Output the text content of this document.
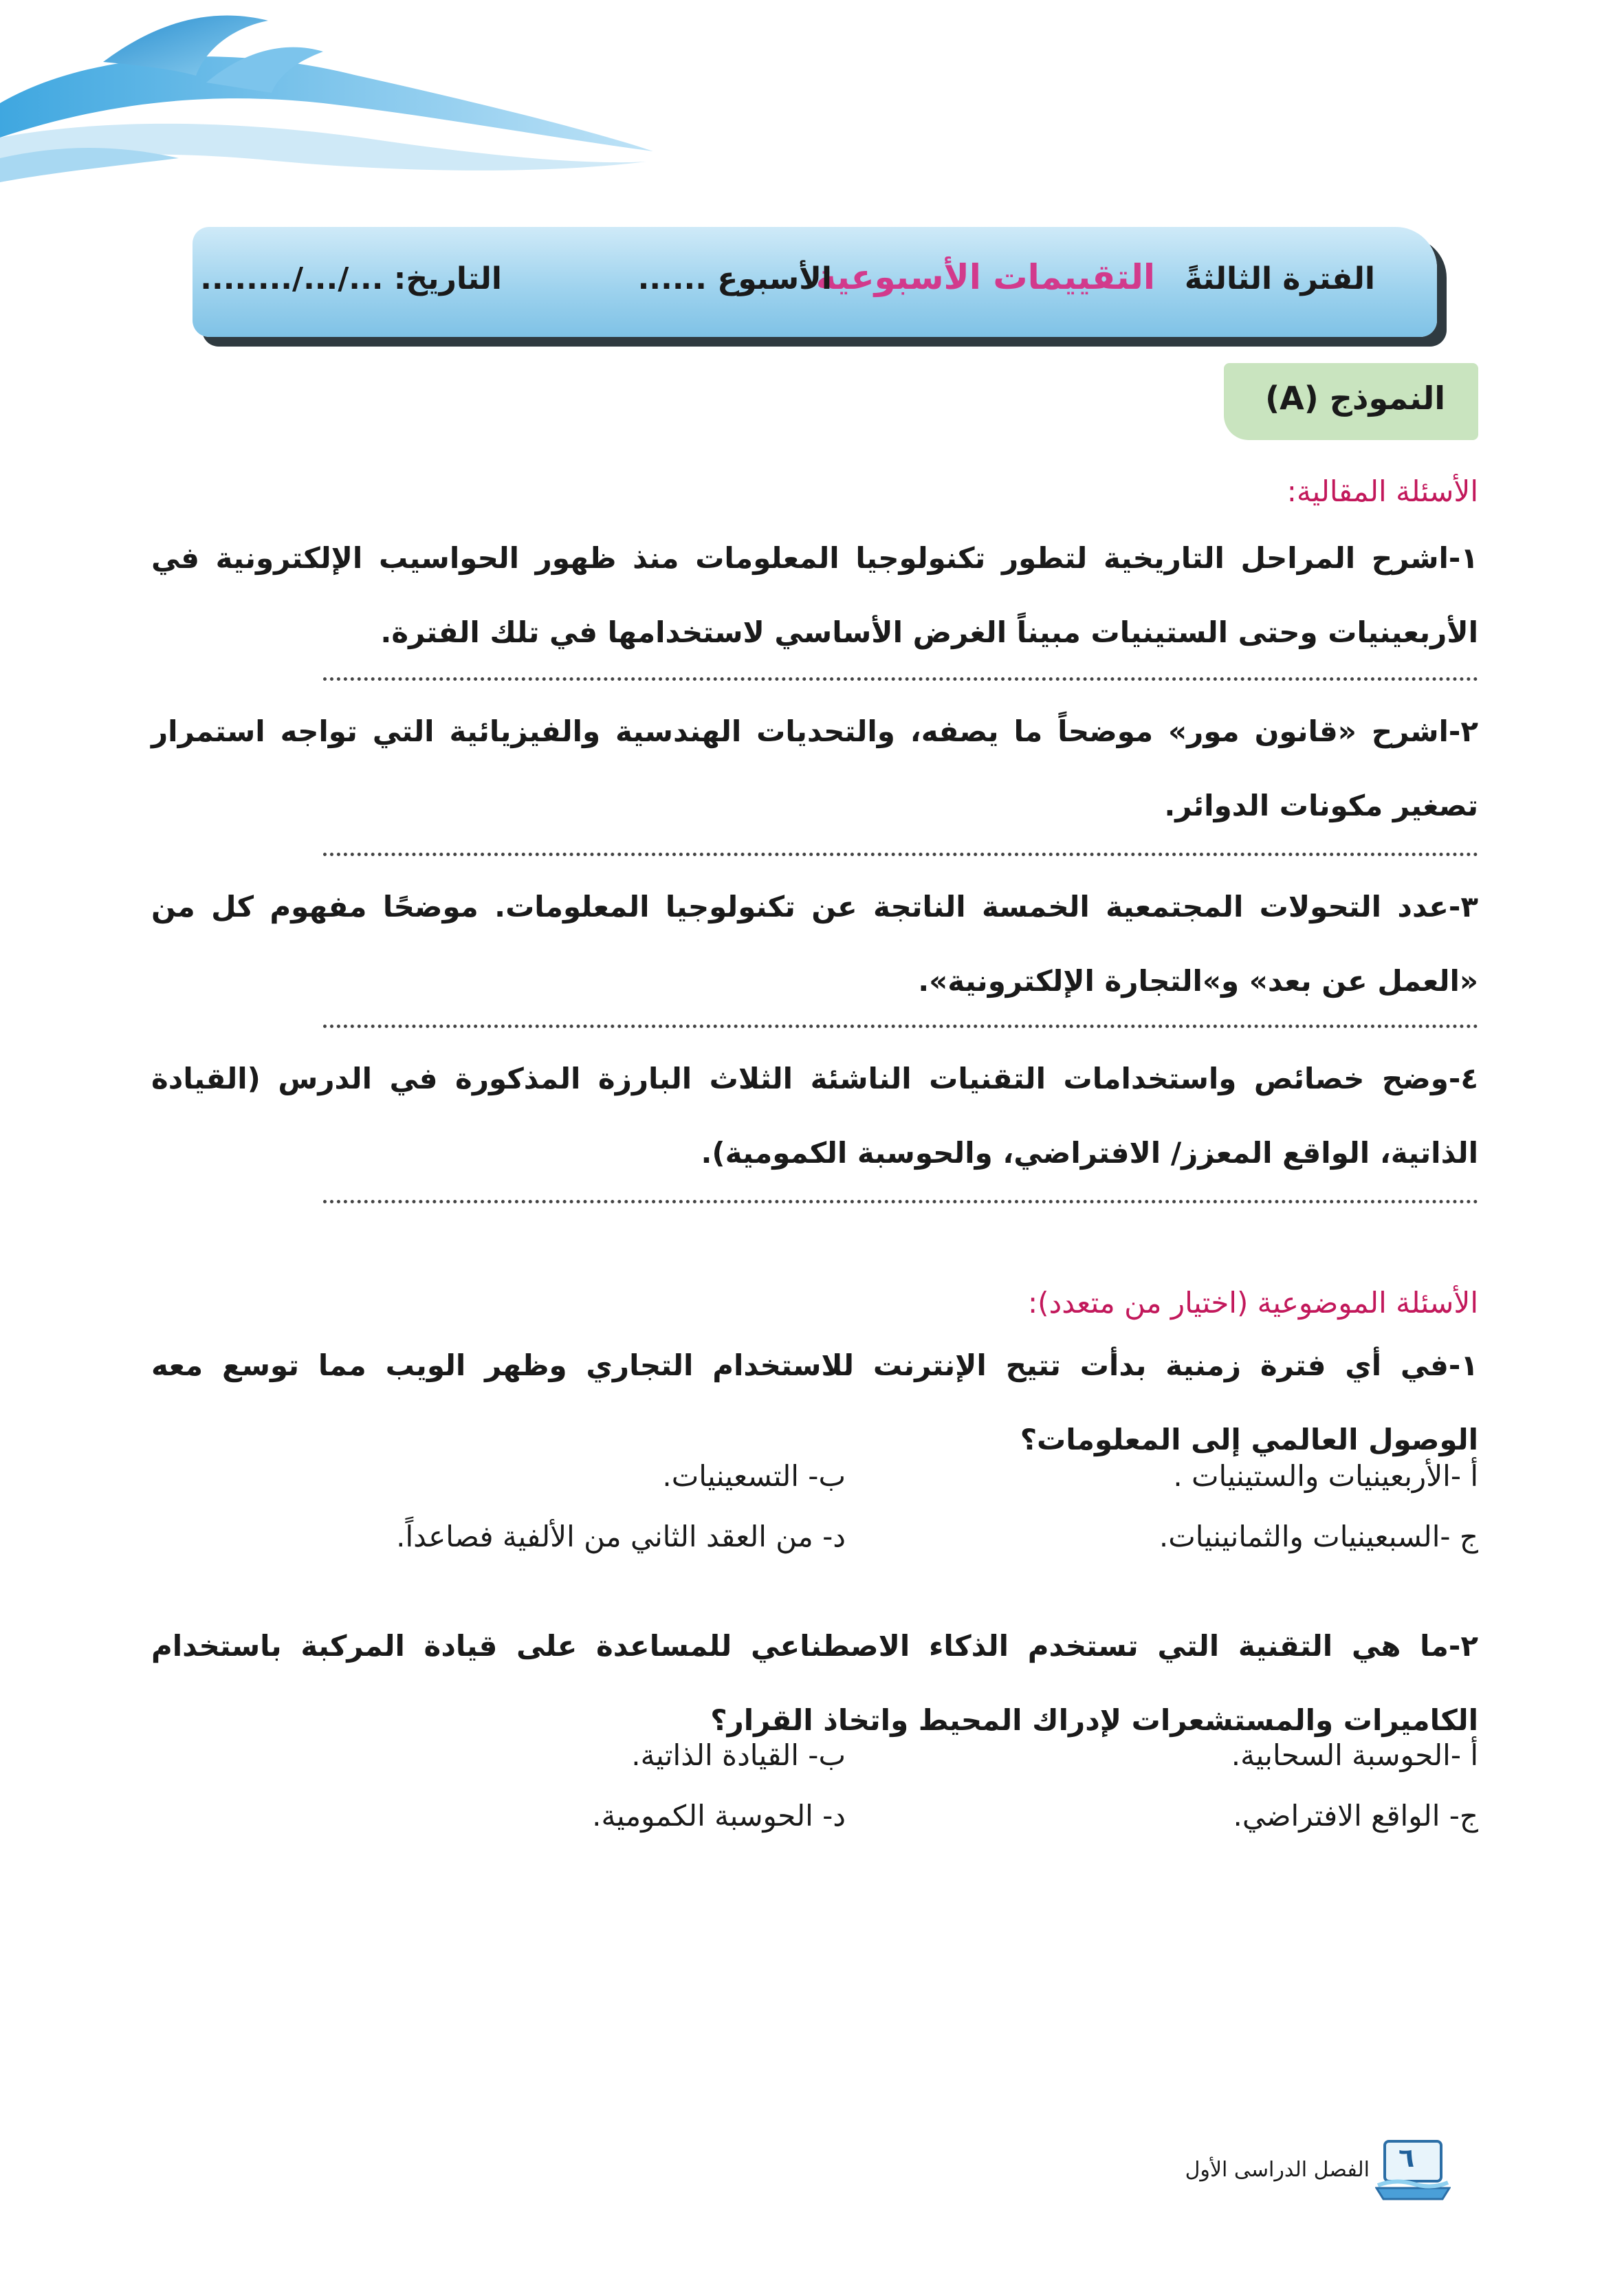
الفترة الثالثةً
التقييمات الأسبوعية
الأسبوع ......
التاريخ: .../.../........
النموذج (A)
الأسئلة المقالية:
١-اشرح المراحل التاريخية لتطور تكنولوجيا المعلومات منذ ظهور الحواسيب الإلكترونية في الأربعينيات وحتى الستينيات مبيناً الغرض الأساسي لاستخدامها في تلك الفترة.
٢-اشرح «قانون مور» موضحاً ما يصفه، والتحديات الهندسية والفيزيائية التي تواجه استمرار تصغير مكونات الدوائر.
٣-عدد التحولات المجتمعية الخمسة الناتجة عن تكنولوجيا المعلومات. موضحًا مفهوم كل من «العمل عن بعد» و»التجارة الإلكترونية».
٤-وضح خصائص واستخدامات التقنيات الناشئة الثلاث البارزة المذكورة في الدرس (القيادة الذاتية، الواقع المعزز/ الافتراضي، والحوسبة الكمومية).
الأسئلة الموضوعية (اختيار من متعدد):
١-في أي فترة زمنية بدأت تتيح الإنترنت للاستخدام التجاري وظهر الويب مما توسع معه الوصول العالمي إلى المعلومات؟
أ -الأربعينيات والستينيات .
ب- التسعينيات.
ج -السبعينيات والثمانينيات.
د- من العقد الثاني من الألفية فصاعداً.
٢-ما هي التقنية التي تستخدم الذكاء الاصطناعي للمساعدة على قيادة المركبة باستخدام الكاميرات والمستشعرات لإدراك المحيط واتخاذ القرار؟
أ -الحوسبة السحابية.
ب- القيادة الذاتية.
ج- الواقع الافتراضي.
د- الحوسبة الكمومية.
الفصل الدراسى الأول ٦
